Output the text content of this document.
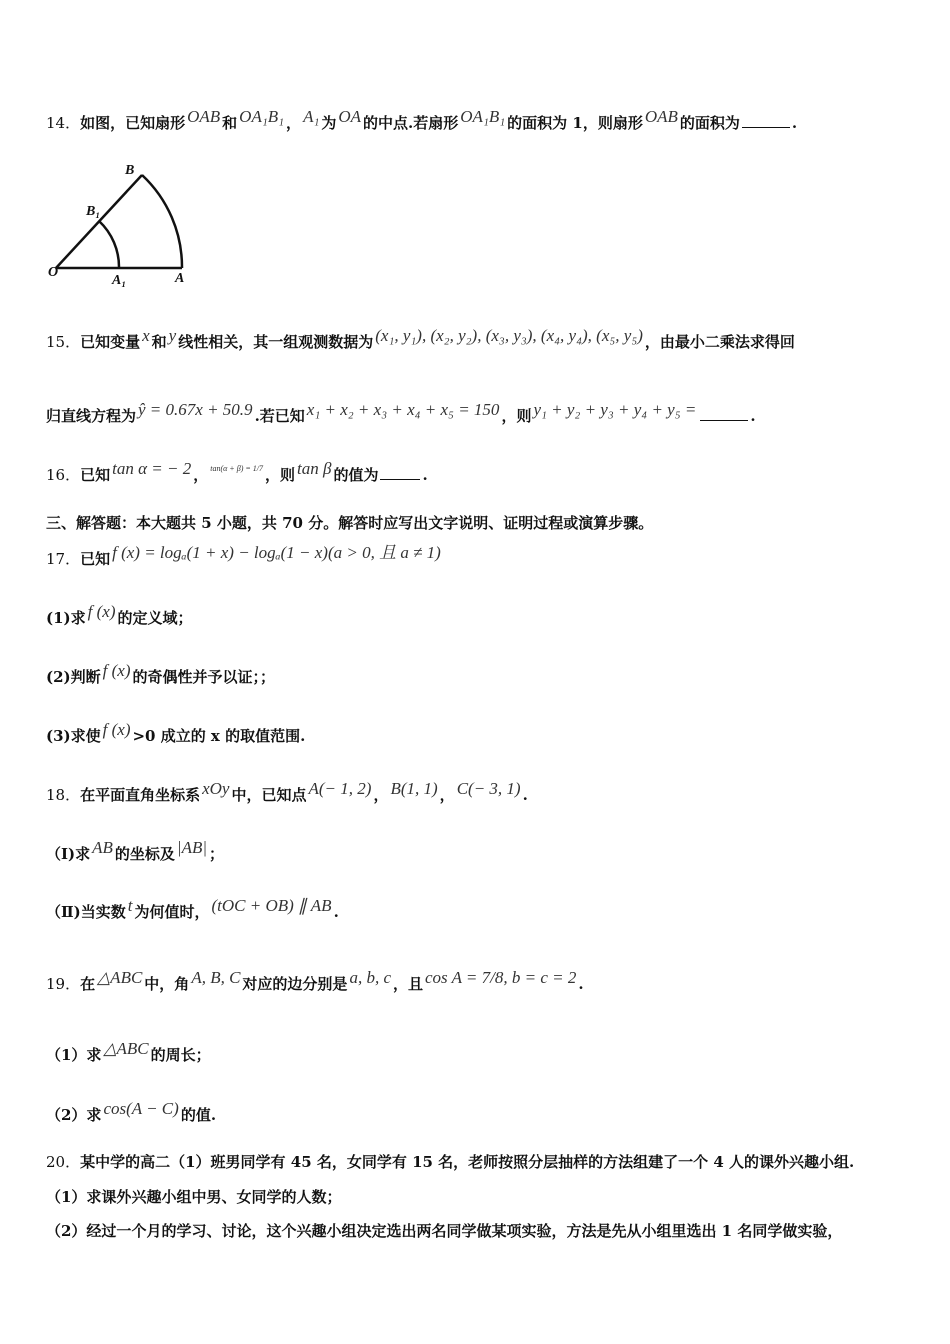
14．如图，已知扇形 OAB 和 OA₁B₁ ， A₁ 为 OA 的中点.若扇形 OA₁B₁ 的面积为 1，则扇形 OAB 的面积为	.
B
B₁
O
A₁	A
15．已知变量 x 和 y 线性相关，其一组观测数据为 (x₁, y₁), (x₂, y₂), (x₃, y₃), (x₄, y₄), (x₅, y₅) ，由最小二乘法求得回
归直线方程为 ŷ = 0.67x + 50.9 .若已知 x₁ + x₂ + x₃ + x₄ + x₅ = 150 ，则 y₁ + y₂ + y₃ + y₄ + y₅ =	.
16．已知 tan α = − 2 ， $^{tan(\alpha + \beta) = 1/7}$ ，则 tan β 的值为	.
三、解答题：本大题共 5 小题，共 70 分。解答时应写出文字说明、证明过程或演算步骤。
17．已知 f (x) = logₐ(1 + x) − logₐ(1 − x)(a > 0, 且 a ≠ 1)
(1)求 f (x) 的定义域；
(2)判断 f (x) 的奇偶性并予以证；；
(3)求使 f (x) >0 成立的 x 的取值范围.
18．在平面直角坐标系 xOy 中，已知点 A(− 1, 2) ， B(1, 1) ， C(− 3, 1) .
（Ⅰ)求 AB 的坐标及 |AB| ；
（Ⅱ)当实数 t 为何值时， (tOC + OB) ∥ AB .
19．在 △ABC 中，角 A, B, C 对应的边分别是 a, b, c ，且 cos A = 7/8, b = c = 2 .
（1）求 △ABC 的周长；
（2）求 cos(A − C) 的值.
20．某中学的高二（1）班男同学有 45 名，女同学有 15 名，老师按照分层抽样的方法组建了一个 4 人的课外兴趣小组.
（1）求课外兴趣小组中男、女同学的人数；
（2）经过一个月的学习、讨论，这个兴趣小组决定选出两名同学做某项实验，方法是先从小组里选出 1 名同学做实验，
